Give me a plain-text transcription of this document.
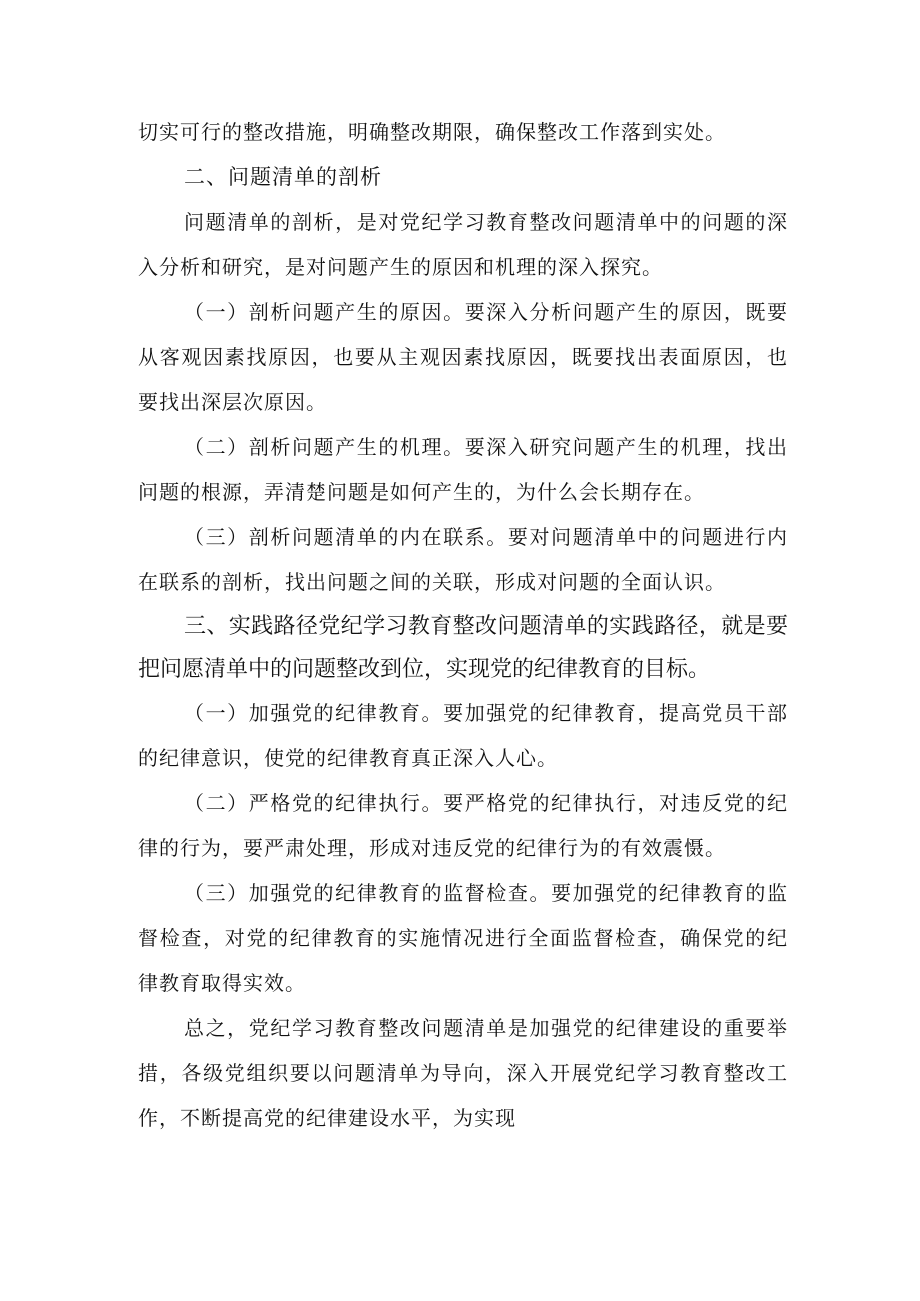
切实可行的整改措施，明确整改期限，确保整改工作落到实处。

二、问题清单的剖析

问题清单的剖析，是对党纪学习教育整改问题清单中的问题的深入分析和研究，是对问题产生的原因和机理的深入探究。

（一）剖析问题产生的原因。要深入分析问题产生的原因，既要从客观因素找原因，也要从主观因素找原因，既要找出表面原因，也要找出深层次原因。

（二）剖析问题产生的机理。要深入研究问题产生的机理，找出问题的根源，弄清楚问题是如何产生的，为什么会长期存在。

（三）剖析问题清单的内在联系。要对问题清单中的问题进行内在联系的剖析，找出问题之间的关联，形成对问题的全面认识。

三、实践路径党纪学习教育整改问题清单的实践路径，就是要把问愿清单中的问题整改到位，实现党的纪律教育的目标。

（一）加强党的纪律教育。要加强党的纪律教育，提高党员干部的纪律意识，使党的纪律教育真正深入人心。

（二）严格党的纪律执行。要严格党的纪律执行，对违反党的纪律的行为，要严肃处理，形成对违反党的纪律行为的有效震慑。

（三）加强党的纪律教育的监督检查。要加强党的纪律教育的监督检查，对党的纪律教育的实施情况进行全面监督检查，确保党的纪律教育取得实效。

总之，党纪学习教育整改问题清单是加强党的纪律建设的重要举措，各级党组织要以问题清单为导向，深入开展党纪学习教育整改工作，不断提高党的纪律建设水平，为实现
